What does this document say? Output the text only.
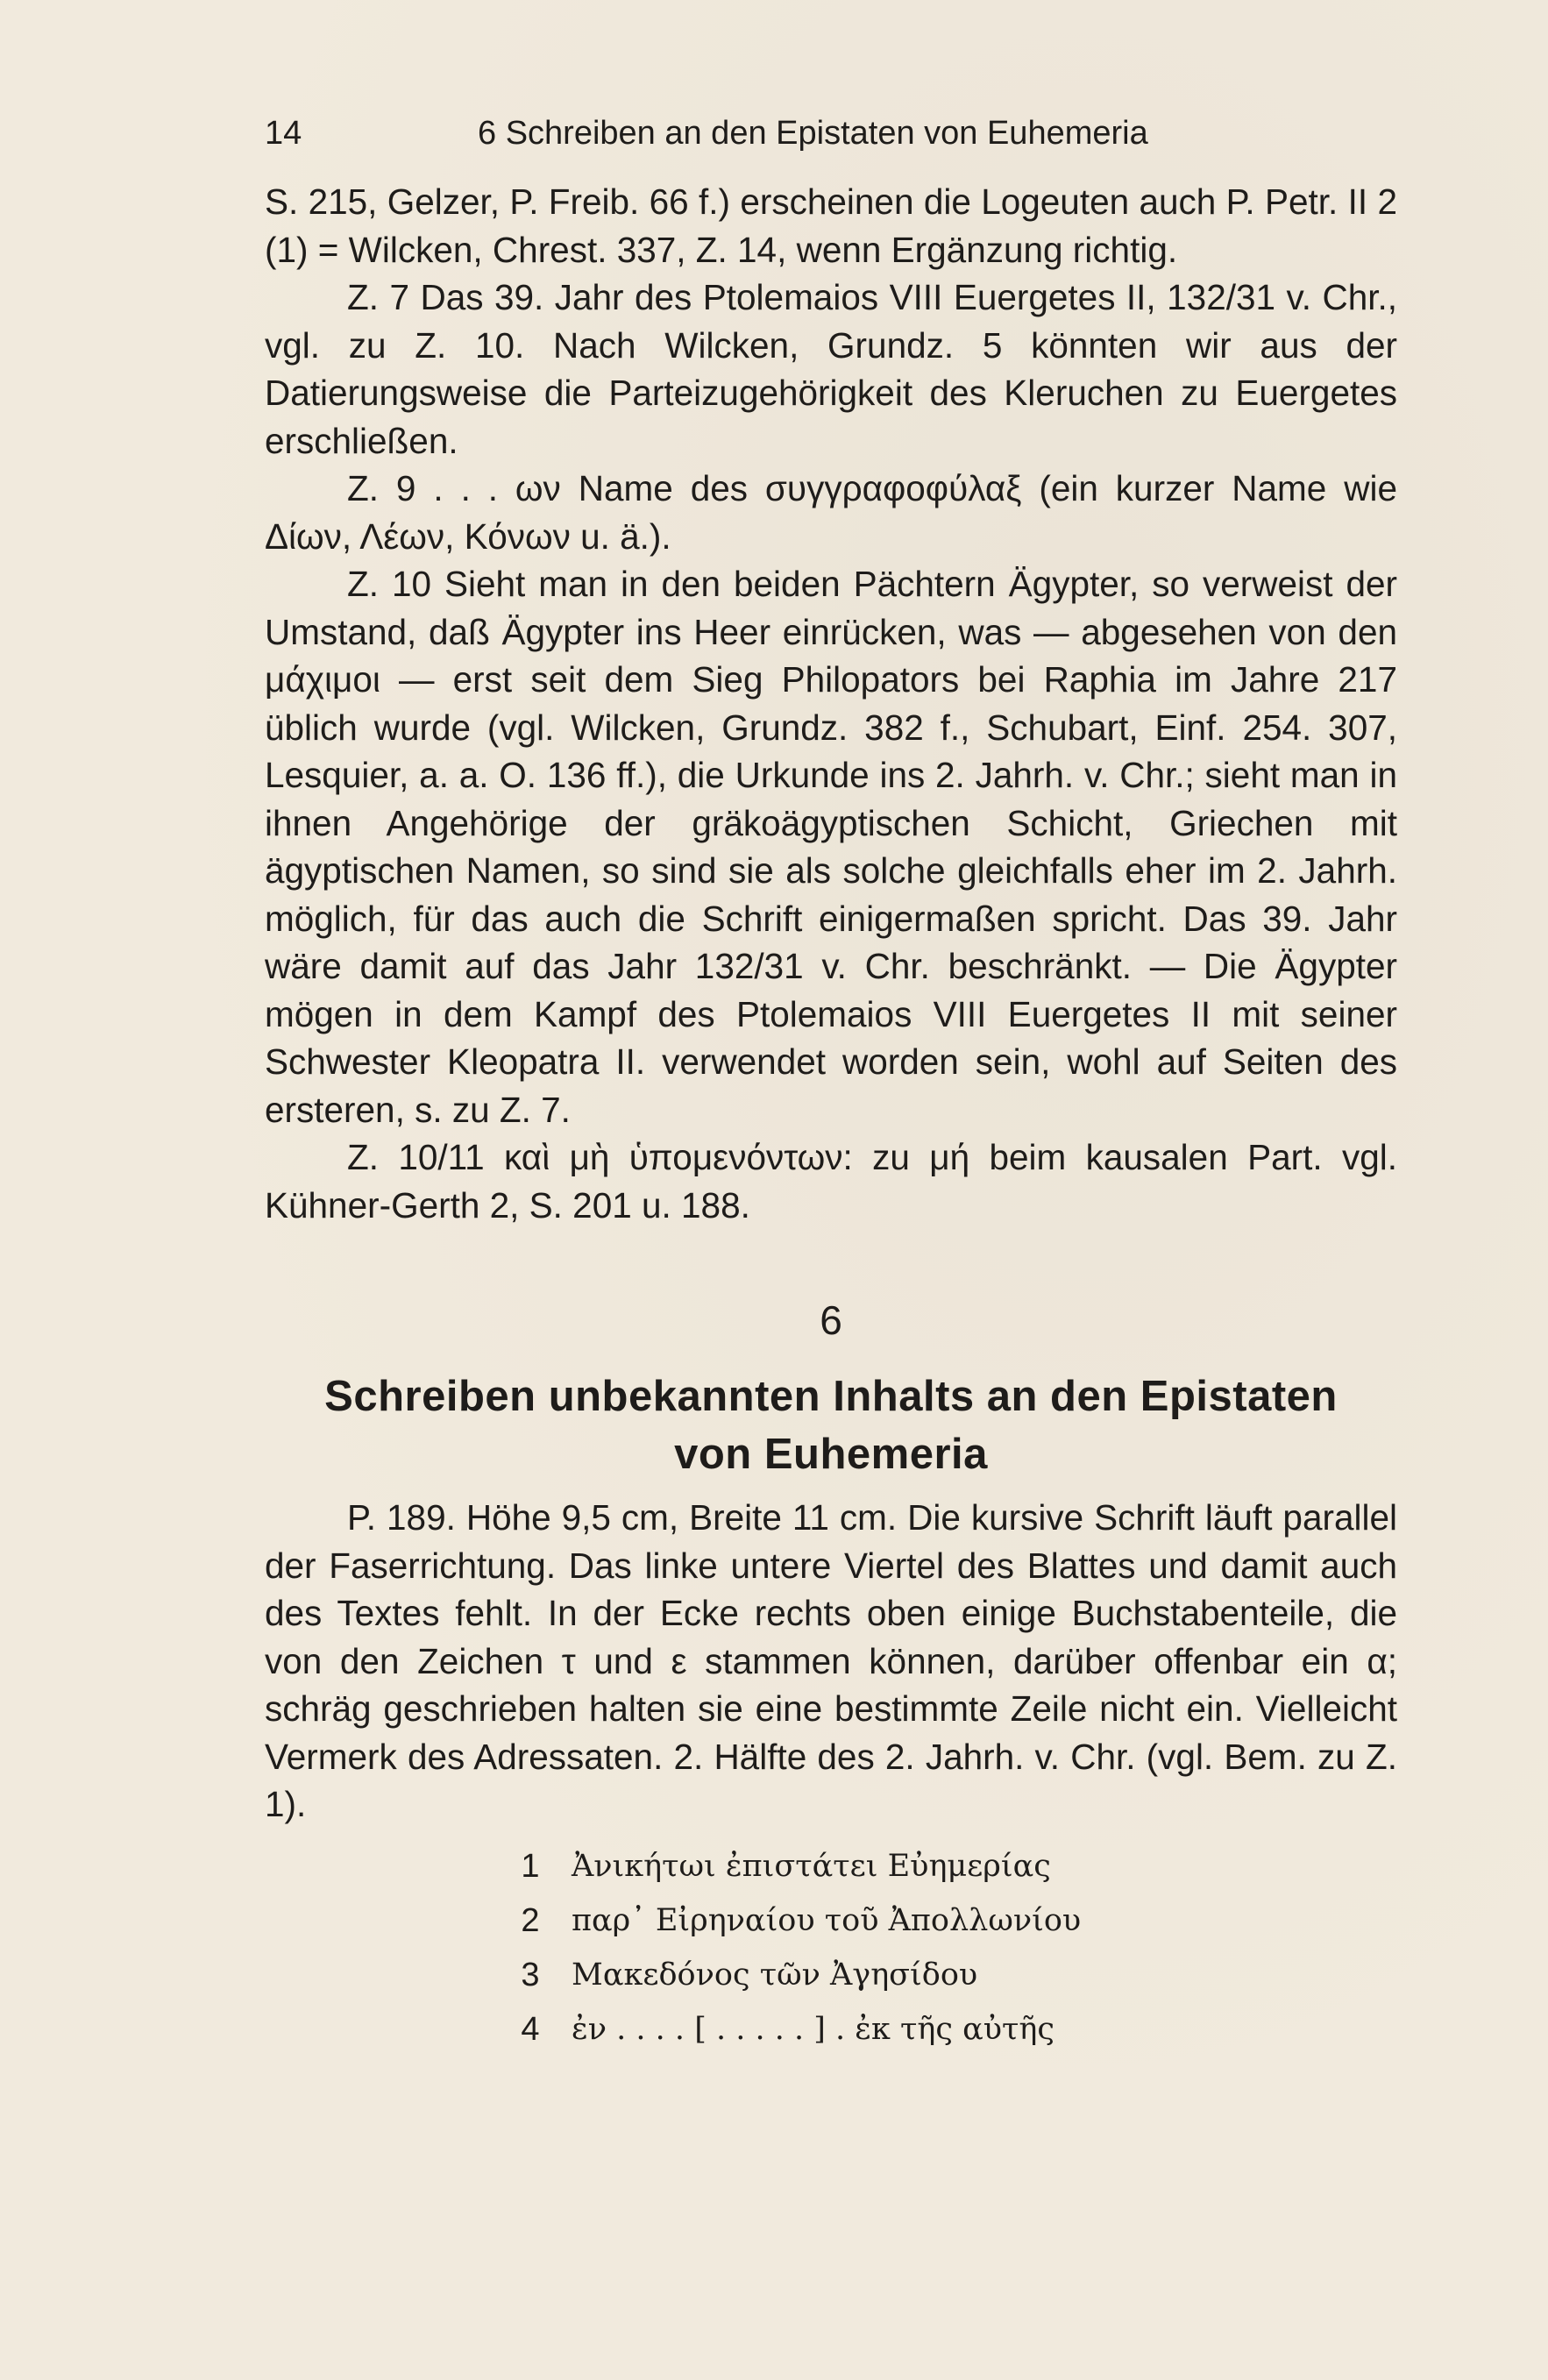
14	6 Schreiben an den Epistaten von Euhemeria

S. 215, Gelzer, P. Freib. 66 f.) erscheinen die Logeuten auch P. Petr. II 2 (1) = Wilcken, Chrest. 337, Z. 14, wenn Ergänzung richtig.

Z. 7 Das 39. Jahr des Ptolemaios VIII Euergetes II, 132/31 v. Chr., vgl. zu Z. 10. Nach Wilcken, Grundz. 5 könnten wir aus der Datierungsweise die Parteizugehörigkeit des Kleruchen zu Euergetes erschließen.

Z. 9 . . . ων Name des συγγραφοφύλαξ (ein kurzer Name wie Δίων, Λέων, Κόνων u. ä.).

Z. 10 Sieht man in den beiden Pächtern Ägypter, so verweist der Umstand, daß Ägypter ins Heer einrücken, was — abgesehen von den μάχιμοι — erst seit dem Sieg Philopators bei Raphia im Jahre 217 üblich wurde (vgl. Wilcken, Grundz. 382 f., Schubart, Einf. 254. 307, Lesquier, a. a. O. 136 ff.), die Urkunde ins 2. Jahrh. v. Chr.; sieht man in ihnen Angehörige der gräkoägyptischen Schicht, Griechen mit ägyptischen Namen, so sind sie als solche gleichfalls eher im 2. Jahrh. möglich, für das auch die Schrift einigermaßen spricht. Das 39. Jahr wäre damit auf das Jahr 132/31 v. Chr. beschränkt. — Die Ägypter mögen in dem Kampf des Ptolemaios VIII Euergetes II mit seiner Schwester Kleopatra II. verwendet worden sein, wohl auf Seiten des ersteren, s. zu Z. 7.

Z. 10/11 καὶ μὴ ὑπομενόντων: zu μή beim kausalen Part. vgl. Kühner-Gerth 2, S. 201 u. 188.

6
Schreiben unbekannten Inhalts an den Epistaten
von Euhemeria

P. 189. Höhe 9,5 cm, Breite 11 cm. Die kursive Schrift läuft parallel der Faserrichtung. Das linke untere Viertel des Blattes und damit auch des Textes fehlt. In der Ecke rechts oben einige Buchstabenteile, die von den Zeichen τ und ε stammen können, darüber offenbar ein α; schräg geschrieben halten sie eine bestimmte Zeile nicht ein. Vielleicht Vermerk des Adressaten. 2. Hälfte des 2. Jahrh. v. Chr. (vgl. Bem. zu Z. 1).

1 Ἀνικήτωι ἐπιστάτει Εὐημερίας
2 παρ᾽ Εἰρηναίου τοῦ Ἀπολλωνίου
3 Μακεδόνος τῶν Ἀγησίδου
4 ἐν . . . . [ . . . . . ] . ἐκ τῆς αὐτῆς
